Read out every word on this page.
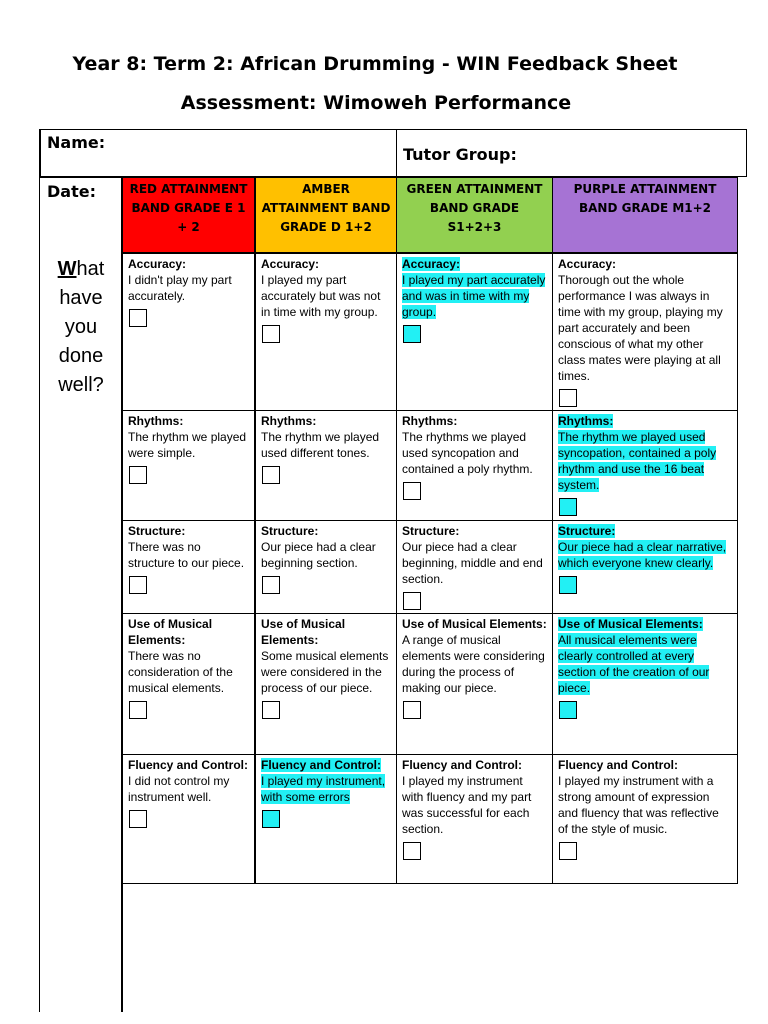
Year 8: Term 2: African Drumming - WIN Feedback Sheet
Assessment: Wimoweh Performance
Name:
Tutor Group:
Date:
What have you done well?
RED ATTAINMENT BAND GRADE E 1 + 2
AMBER ATTAINMENT BAND GRADE D 1+2
GREEN ATTAINMENT BAND GRADE S1+2+3
PURPLE ATTAINMENT BAND GRADE M1+2
Accuracy:
I didn't play my part accurately.
Accuracy:
I played my part accurately but was not in time with my group.
Accuracy:
I played my part accurately and was in time with my group.
Accuracy:
Thorough out the whole performance I was always in time with my group, playing my part accurately and been conscious of what my other class mates were playing at all times.
Rhythms:
The rhythm we played were simple.
Rhythms:
The rhythm we played used different tones.
Rhythms:
The rhythms we played used syncopation and contained a poly rhythm.
Rhythms:
The rhythm we played used syncopation, contained a poly rhythm and use the 16 beat system.
Structure:
There was no structure to our piece.
Structure:
Our piece had a clear beginning section.
Structure:
Our piece had a clear beginning, middle and end section.
Structure:
Our piece had a clear narrative, which everyone knew clearly.
Use of Musical Elements:
There was no consideration of the musical elements.
Use of Musical Elements:
Some musical elements were considered in the process of our piece.
Use of Musical Elements:
A range of musical elements were considering during the process of making our piece.
Use of Musical Elements:
All musical elements were clearly controlled at every section of the creation of our piece.
Fluency and Control:
I did not control my instrument well.
Fluency and Control:
I played my instrument, with some errors
Fluency and Control:
I played my instrument with fluency and my part was successful for each section.
Fluency and Control:
I played my instrument with a strong amount of expression and fluency that was reflective of the style of music.
